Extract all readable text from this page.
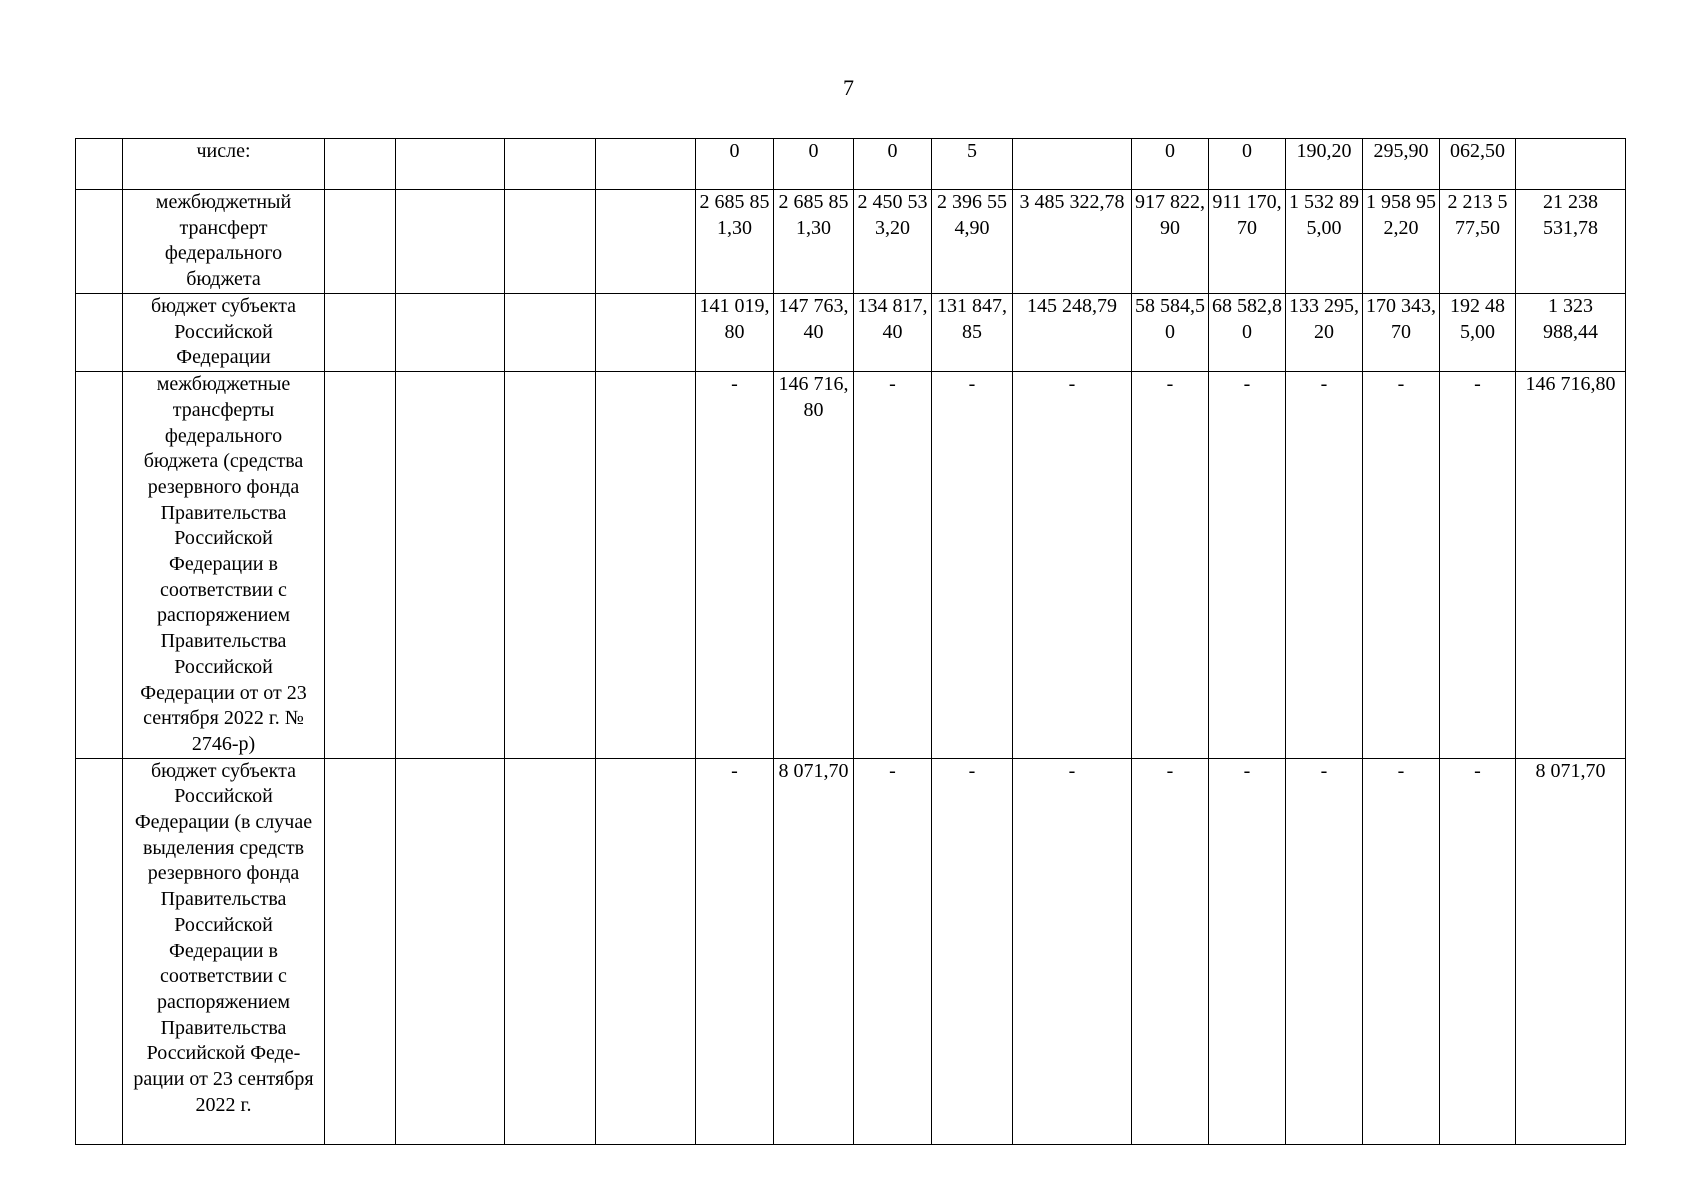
7
	числе:					0	0	0	5		0	0	190,20	295,90	062,50	
	межбюджетный трансферт федерального бюджета					2 685 851,30	2 685 851,30	2 450 533,20	2 396 554,90	3 485 322,78	917 822,90	911 170,70	1 532 895,00	1 958 952,20	2 213 577,50	21 238 531,78
	бюджет субъекта Российской Федерации					141 019,80	147 763,40	134 817,40	131 847,85	145 248,79	58 584,50	68 582,80	133 295,20	170 343,70	192 485,00	1 323 988,44
	межбюджетные трансферты федерального бюджета (средства резервного фонда Правительства Российской Федерации в соответствии с распоряжением Правительства Российской Федерации от от 23 сентября 2022 г. № 2746-р)					-	146 716,80	-	-	-	-	-	-	-	-	146 716,80
	бюджет субъекта Российской Федерации (в случае выделения средств резервного фонда Правительства Российской Федерации в соответствии с распоряжением Правительства Российской Феде-рации от 23 сентября 2022 г.					-	8 071,70	-	-	-	-	-	-	-	-	8 071,70
